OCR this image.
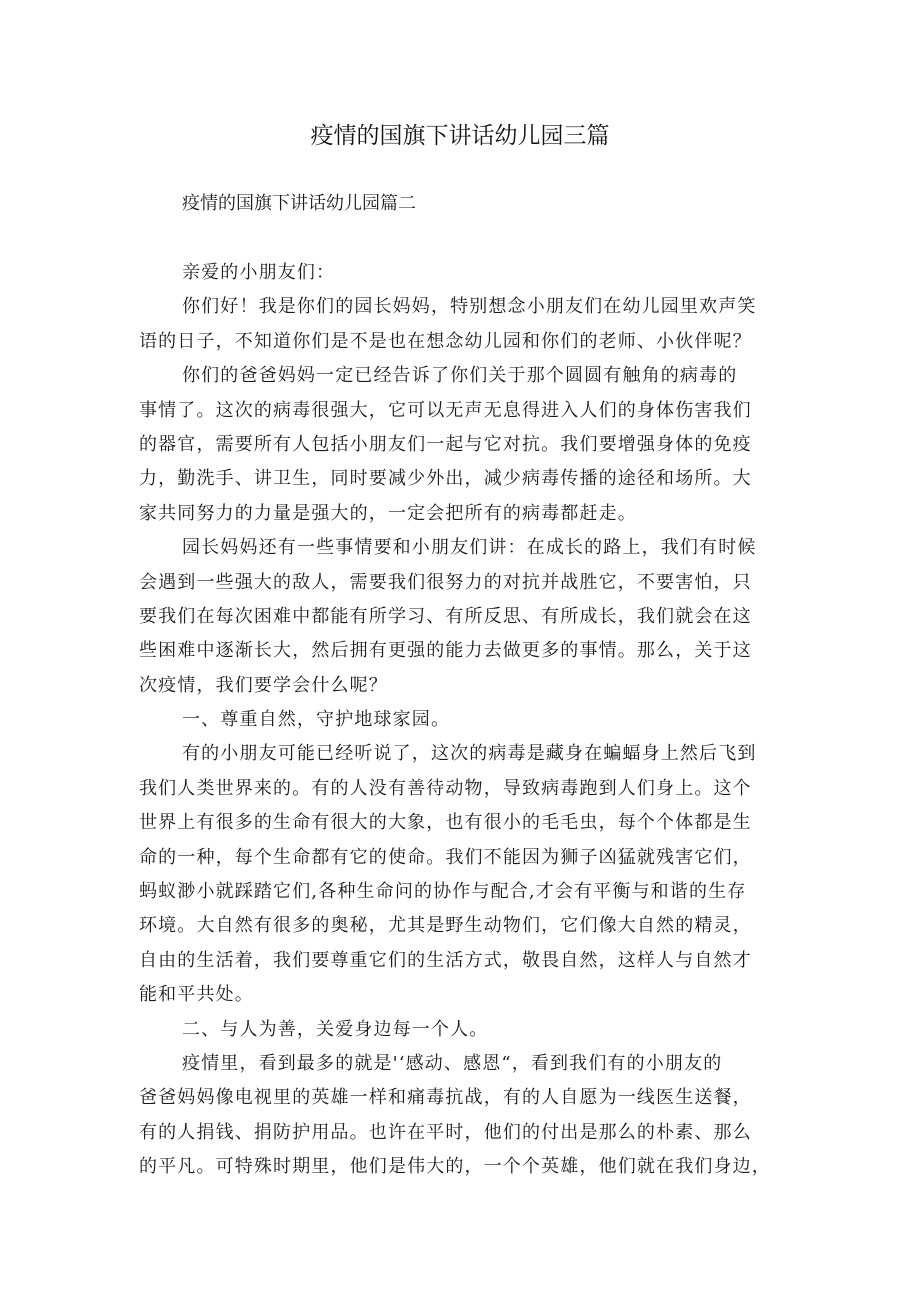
疫情的国旗下讲话幼儿园三篇
疫情的国旗下讲话幼儿园篇二
亲爱的小朋友们：
你们好！我是你们的园长妈妈，特别想念小朋友们在幼儿园里欢声笑
语的日子，不知道你们是不是也在想念幼儿园和你们的老师、小伙伴呢？
你们的爸爸妈妈一定已经告诉了你们关于那个圆圆有触角的病毒的
事情了。这次的病毒很强大，它可以无声无息得进入人们的身体伤害我们
的器官，需要所有人包括小朋友们一起与它对抗。我们要增强身体的免疫
力，勤洗手、讲卫生，同时要减少外出，减少病毒传播的途径和场所。大
家共同努力的力量是强大的，一定会把所有的病毒都赶走。
园长妈妈还有一些事情要和小朋友们讲：在成长的路上，我们有时候
会遇到一些强大的敌人，需要我们很努力的对抗并战胜它，不要害怕，只
要我们在每次困难中都能有所学习、有所反思、有所成长，我们就会在这
些困难中逐渐长大，然后拥有更强的能力去做更多的事情。那么，关于这
次疫情，我们要学会什么呢？
一、尊重自然，守护地球家园。
有的小朋友可能已经听说了，这次的病毒是藏身在蝙蝠身上然后飞到
我们人类世界来的。有的人没有善待动物，导致病毒跑到人们身上。这个
世界上有很多的生命有很大的大象，也有很小的毛毛虫，每个个体都是生
命的一种，每个生命都有它的使命。我们不能因为狮子凶猛就残害它们，
蚂蚁渺小就踩踏它们,各种生命问的协作与配合,才会有平衡与和谐的生存
环境。大自然有很多的奥秘，尤其是野生动物们，它们像大自然的精灵，
自由的生活着，我们要尊重它们的生活方式，敬畏自然，这样人与自然才
能和平共处。
二、与人为善，关爱身边每一个人。
疫情里，看到最多的就是'‘感动、感恩“，看到我们有的小朋友的
爸爸妈妈像电视里的英雄一样和痛毒抗战，有的人自愿为一线医生送餐，
有的人捐钱、捐防护用品。也许在平时，他们的付出是那么的朴素、那么
的平凡。可特殊时期里，他们是伟大的，一个个英雄，他们就在我们身边，
